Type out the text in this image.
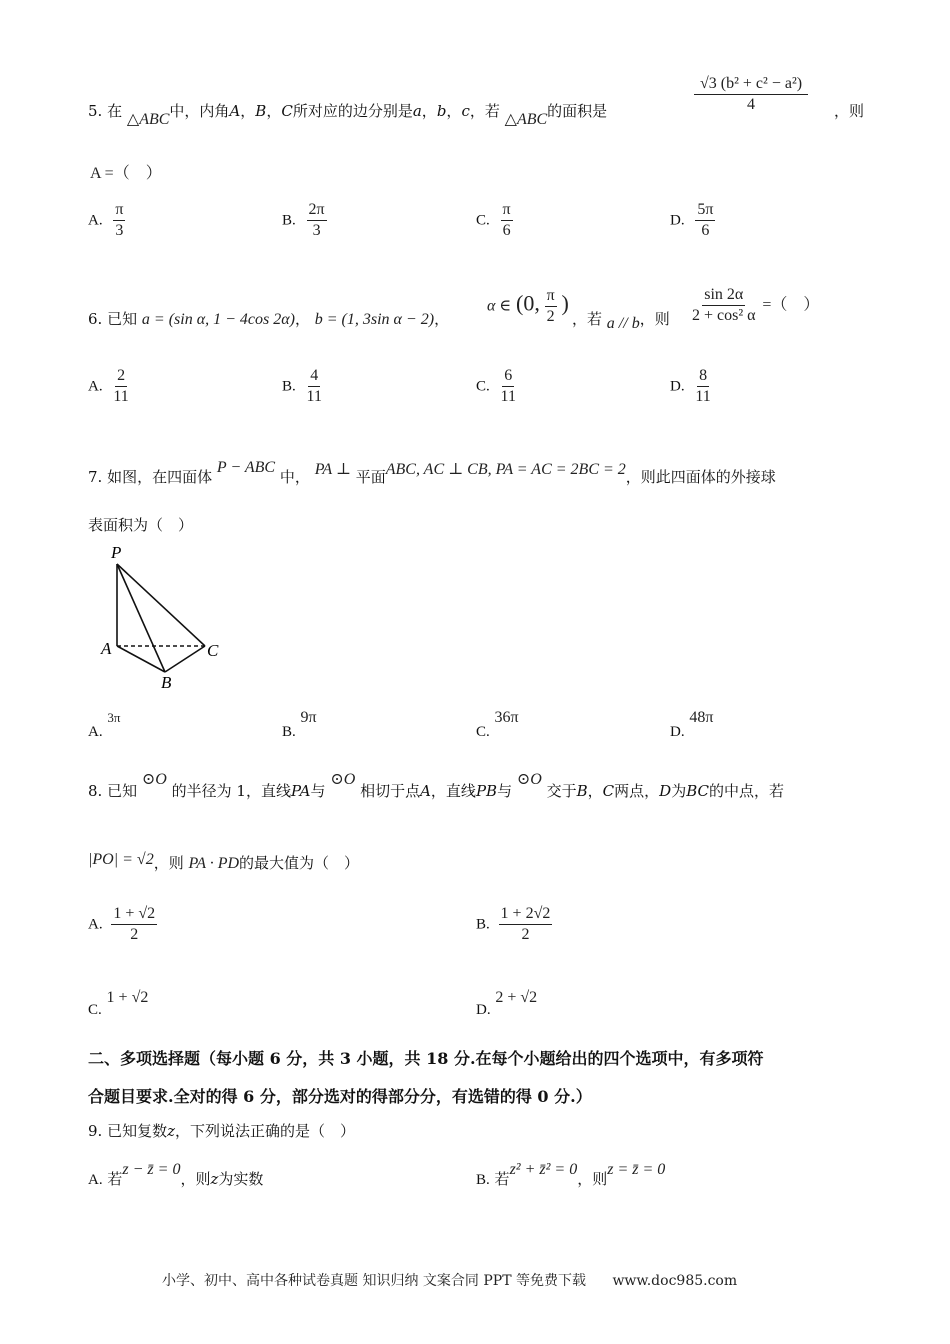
5. 在 △ABC中，内角A，B，C所对应的边分别是a，b，c，若 △ABC的面积是	$\frac{\text{√3 (b² + c² − a²)}}{4}$ ，则
A =（　）
A. $\frac{\pi}{3}$	B. $\frac{2\pi}{3}$	C. $\frac{\pi}{6}$	D. $\frac{5\pi}{6}$
6. 已知 a = (sin α, 1 − 4cos 2α)， b = (1, 3sin α − 2)，
α ∈ (0, $\frac{\pi}{2}$ )
，若 a // b，则 $\frac{\sin 2\alpha}{\text{2 + cos² α}}$ =（　）
A. $\frac{2}{11}$	B. $\frac{4}{11}$	C. $\frac{6}{11}$	D. $\frac{8}{11}$
7. 如图，在四面体 P − ABC 中， PA ⊥ 平面ABC, AC ⊥ CB, PA = AC = 2BC = 2，则此四面体的外接球
表面积为（　）
P
A
B
C
A. 3π
B. 9π
C. 36π
D. 48π
8. 已知 ⊙O 的半径为 1，直线PA与 ⊙O 相切于点A，直线PB与 ⊙O 交于B，C两点，D为BC的中点，若
|PO| = √2，则 PA · PD的最大值为（　）
A. $\frac{1 + √2}{2}$	B. $\frac{1 + 2√2}{2}$
C. 1 + √2
D. 2 + √2
二、多项选择题（每小题 6 分，共 3 小题，共 18 分.在每个小题给出的四个选项中，有多项符
合题目要求.全对的得 6 分，部分选对的得部分分，有选错的得 0 分.）
9. 已知复数z，下列说法正确的是（　）
A. 若z − z̄ = 0，则z为实数	B. 若z² + z̄² = 0，则z = z̄ = 0
小学、初中、高中各种试卷真题 知识归纳 文案合同 PPT 等免费下载 www.doc985.com
